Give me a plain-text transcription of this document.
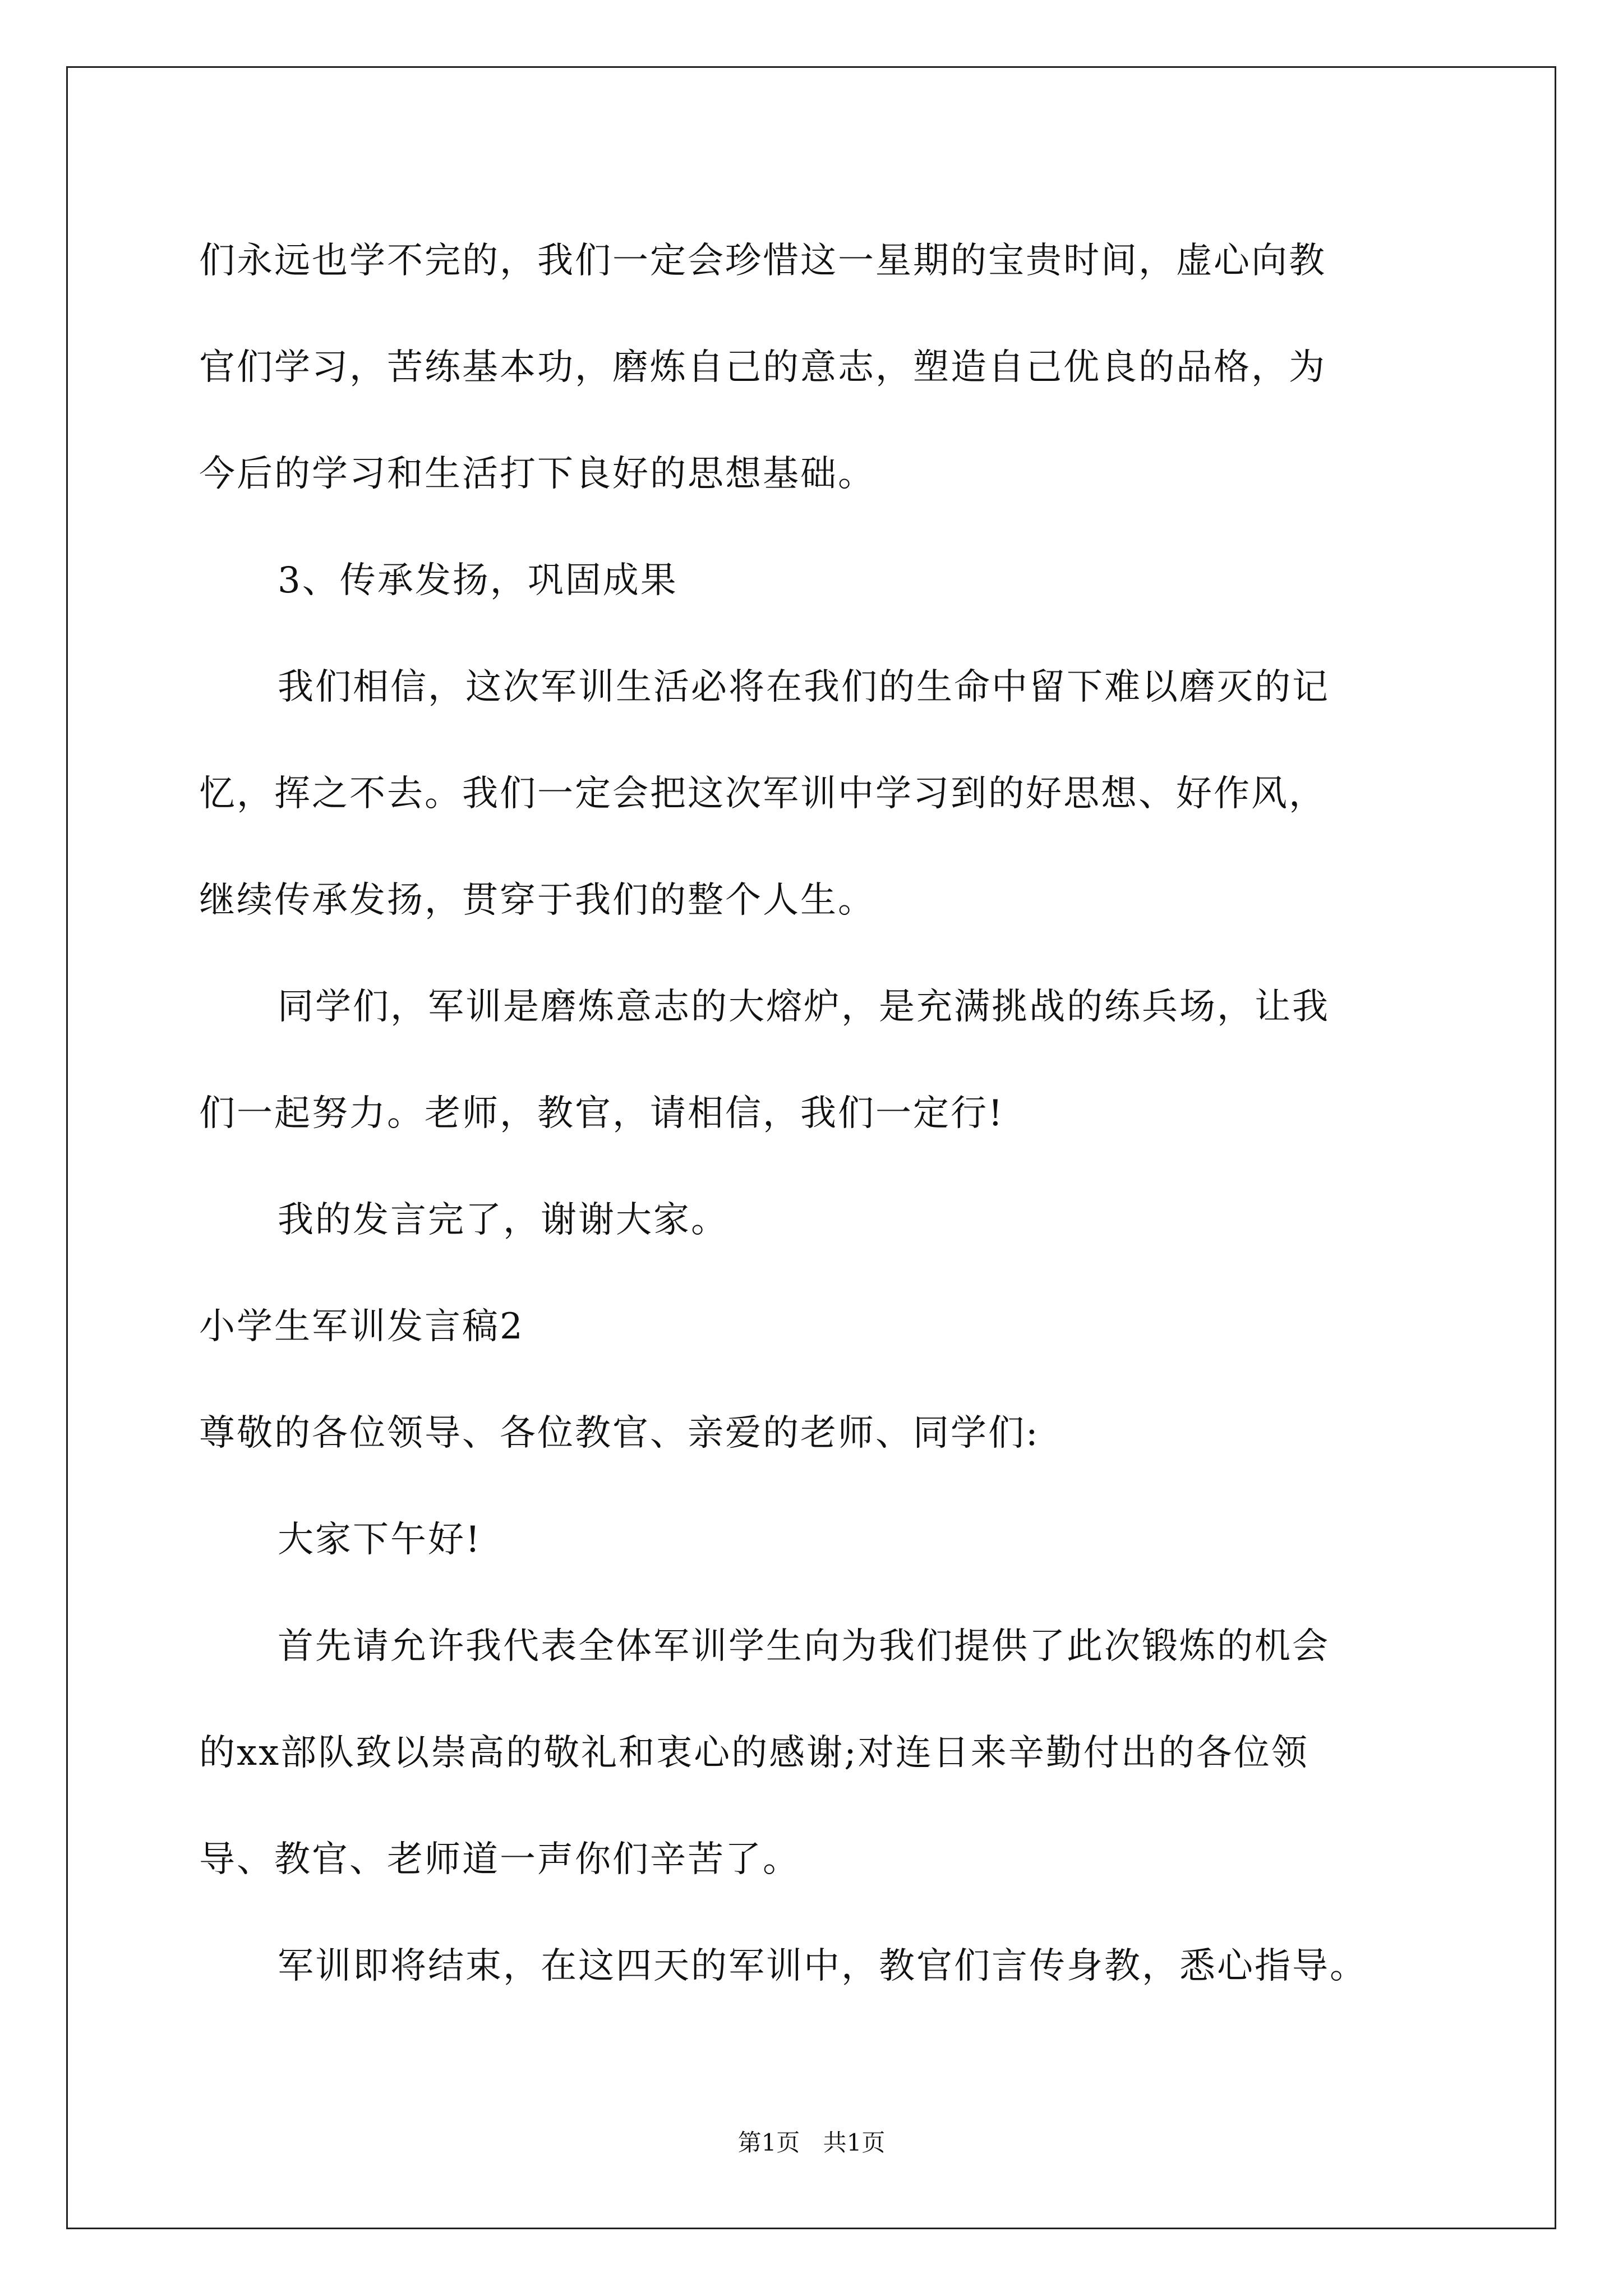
们永远也学不完的，我们一定会珍惜这一星期的宝贵时间，虚心向教
官们学习，苦练基本功，磨炼自己的意志，塑造自己优良的品格，为
今后的学习和生活打下良好的思想基础。
3、传承发扬，巩固成果
我们相信，这次军训生活必将在我们的生命中留下难以磨灭的记
忆，挥之不去。我们一定会把这次军训中学习到的好思想、好作风，
继续传承发扬，贯穿于我们的整个人生。
同学们，军训是磨炼意志的大熔炉，是充满挑战的练兵场，让我
们一起努力。老师，教官，请相信，我们一定行!
我的发言完了，谢谢大家。
小学生军训发言稿2
尊敬的各位领导、各位教官、亲爱的老师、同学们:
大家下午好!
首先请允许我代表全体军训学生向为我们提供了此次锻炼的机会
的xx部队致以崇高的敬礼和衷心的感谢;对连日来辛勤付出的各位领
导、教官、老师道一声你们辛苦了。
军训即将结束，在这四天的军训中，教官们言传身教，悉心指导。
第1页 共1页
